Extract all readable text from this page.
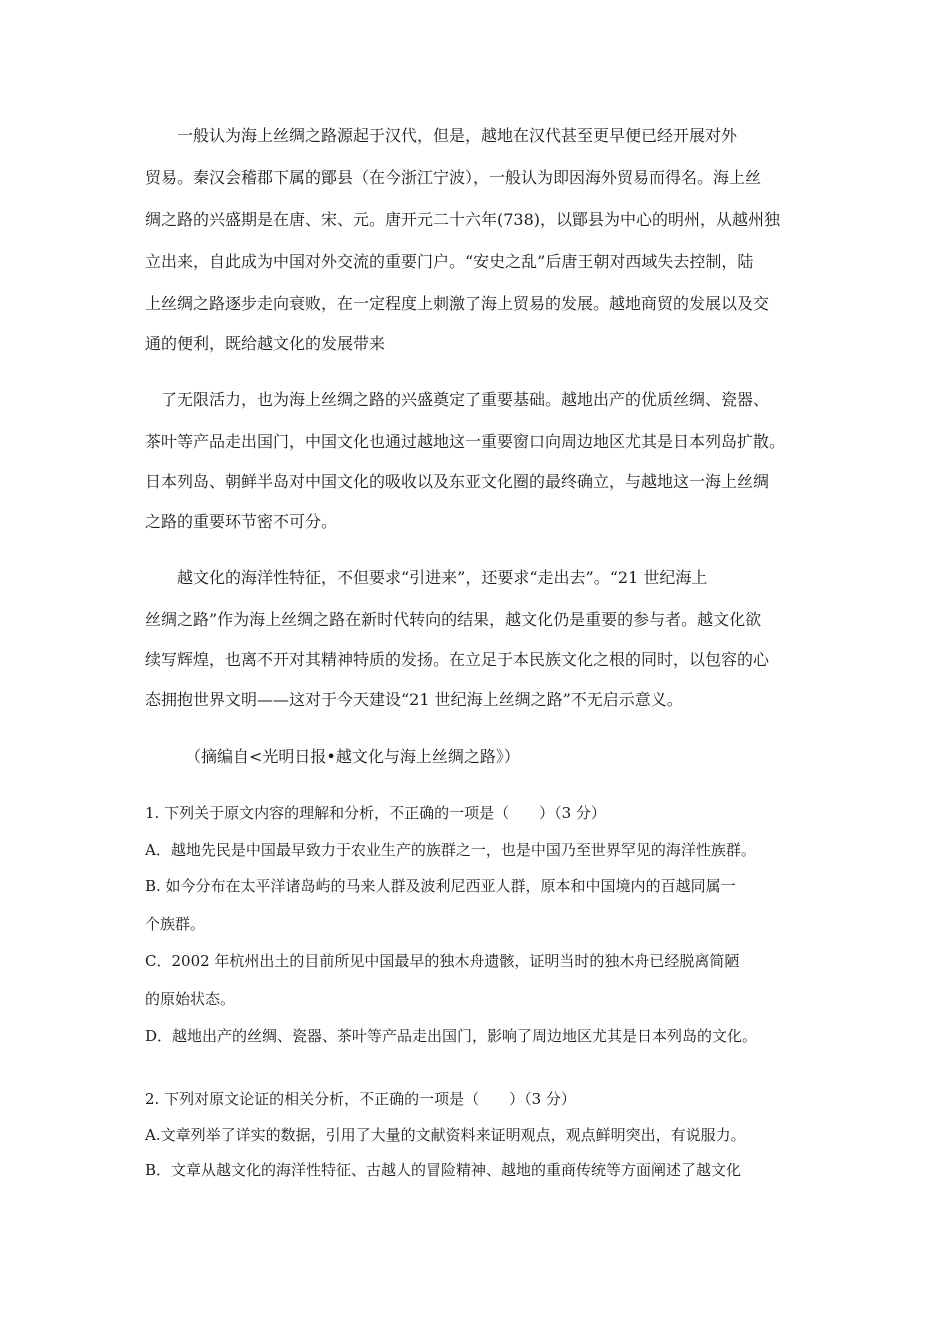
　　一般认为海上丝绸之路源起于汉代，但是，越地在汉代甚至更早便已经开展对外
贸易。秦汉会稽郡下属的鄮县（在今浙江宁波），一般认为即因海外贸易而得名。海上丝
绸之路的兴盛期是在唐、宋、元。唐开元二十六年(738)，以鄮县为中心的明州，从越州独
立出来，自此成为中国对外交流的重要门户。“安史之乱”后唐王朝对西域失去控制，陆
上丝绸之路逐步走向衰败，在一定程度上刺激了海上贸易的发展。越地商贸的发展以及交
通的便利，既给越文化的发展带来
　了无限活力，也为海上丝绸之路的兴盛奠定了重要基础。越地出产的优质丝绸、瓷器、
茶叶等产品走出国门，中国文化也通过越地这一重要窗口向周边地区尤其是日本列岛扩散。
日本列岛、朝鲜半岛对中国文化的吸收以及东亚文化圈的最终确立，与越地这一海上丝绸
之路的重要环节密不可分。
　　越文化的海洋性特征，不但要求“引进来”，还要求“走出去”。“21 世纪海上
丝绸之路”作为海上丝绸之路在新时代转向的结果，越文化仍是重要的参与者。越文化欲
续写辉煌，也离不开对其精神特质的发扬。在立足于本民族文化之根的同时，以包容的心
态拥抱世界文明——这对于今天建设“21 世纪海上丝绸之路”不无启示意义。
　　　（摘编自<光明日报•越文化与海上丝绸之路》）
1. 下列关于原文内容的理解和分析，不正确的一项是（　　）（3 分）
A．越地先民是中国最早致力于农业生产的族群之一，也是中国乃至世界罕见的海洋性族群。
B. 如今分布在太平洋诸岛屿的马来人群及波利尼西亚人群，原本和中国境内的百越同属一
个族群。
C．2002 年杭州出土的目前所见中国最早的独木舟遗骸，证明当时的独木舟已经脱离简陋
的原始状态。
D．越地出产的丝绸、瓷器、茶叶等产品走出国门，影响了周边地区尤其是日本列岛的文化。
2. 下列对原文论证的相关分析，不正确的一项是（　　）（3 分）
A.文章列举了详实的数据，引用了大量的文献资料来证明观点，观点鲜明突出，有说服力。
B．文章从越文化的海洋性特征、古越人的冒险精神、越地的重商传统等方面阐述了越文化
